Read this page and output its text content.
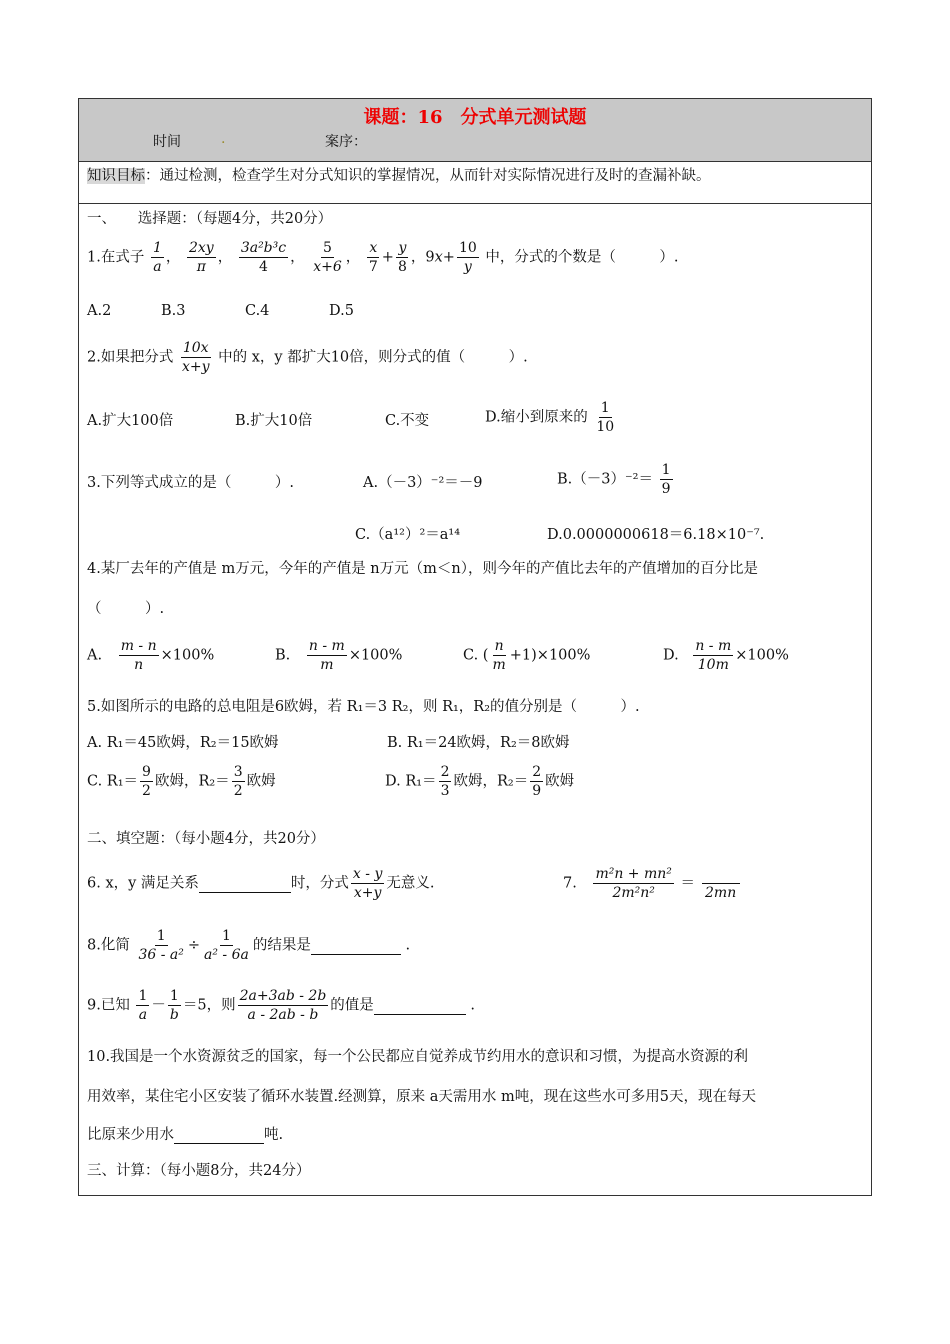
课题：16　分式单元测试题
时间	.	案序：
知识目标：通过检测，检查学生对分式知识的掌握情况，从而针对实际情况进行及时的查漏补缺。
一、　　选择题：（每题4分，共20分）
1.在式子 $\frac{1}{a}$ ， $\frac{2xy}{\pi}$ ， $\frac{\text{3a²b³c}}{4}$ ， $\frac{5}{x+6}$ ， $\frac{x}{7} + \frac{y}{8}$ ，$9x+ \frac{10}{y}$ 中，分式的个数是（　　　）.
A.2	B.3	C.4	D.5
2.如果把分式 $\frac{10x}{x+y}$ 中的 x，y 都扩大10倍，则分式的值（　　　）.
A.扩大100倍	B.扩大10倍	C.不变	D.缩小到原来的 $\frac{1}{10}$
3.下列等式成立的是（　　　）.	A.（－3）⁻²＝－9	$B.(-3)^{-2}= \frac{1}{9}$
C.（a¹²）²＝a¹⁴	D.0.0000000618＝6.18×10⁻⁷.
4.某厂去年的产值是 m万元，今年的产值是 n万元（m＜n），则今年的产值比去年的产值增加的百分比是
（　　　）.
A. $\frac{m - n}{n} \times 100\%$	B. $\frac{n - m}{m} \times 100\%$	C. ( $\frac{n}{m} +1)\times 100\%$	D. $\frac{n - m}{10m} \times 100\%$
5.如图所示的电路的总电阻是6欧姆，若 R₁＝3 R₂，则 R₁，R₂的值分别是（　　　）.
A. R₁＝45欧姆，R₂＝15欧姆	B. R₁＝24欧姆，R₂＝8欧姆
C. $R_1= \frac{9}{2}$ 欧姆，$R_2= \frac{3}{2}$ 欧姆	D. $R_1= \frac{2}{3}$ 欧姆，$R_2= \frac{2}{9}$ 欧姆
二、填空题：（每小题4分，共20分）
6. x，y 满足关系	时，分式 $\frac{x - y}{x+y}$ 无意义.	7. $\frac{\text{m²n + mn²}}{\text{2m²n²}}$ ＝

2mn
8.化简 $\frac{1}{\text{36 - a²}} \div \frac{1}{\text{a² - 6a}}$ 的结果是	.
9.已知 $\frac{1}{a} - \frac{1}{b} =5$，则 $\frac{2a+3ab - 2b}{a - 2ab - b}$ 的值是	.
10.我国是一个水资源贫乏的国家，每一个公民都应自觉养成节约用水的意识和习惯，为提高水资源的利
用效率，某住宅小区安装了循环水装置.经测算，原来 a天需用水 m吨，现在这些水可多用5天，现在每天
比原来少用水	吨.
三、计算：（每小题8分，共24分）
